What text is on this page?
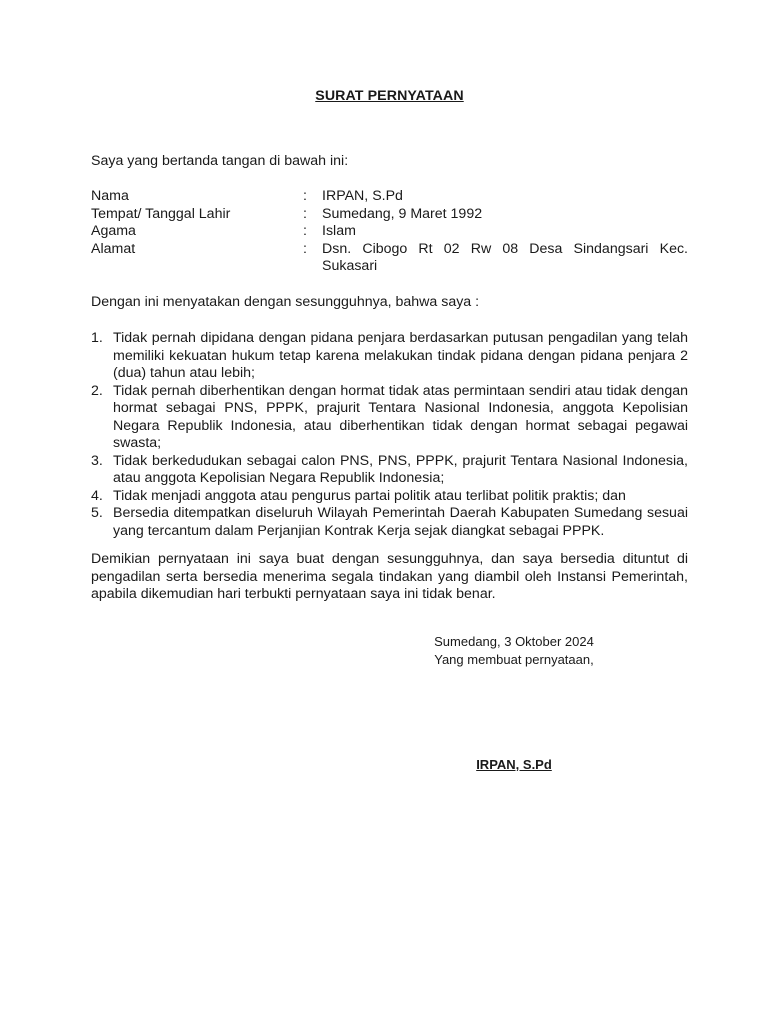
SURAT PERNYATAAN
Saya yang bertanda tangan di bawah ini:
Nama	:	IRPAN, S.Pd
Tempat/ Tanggal Lahir	:	Sumedang, 9 Maret 1992
Agama	:	Islam
Alamat	:	Dsn. Cibogo Rt 02 Rw 08 Desa Sindangsari Kec. Sukasari
Dengan ini menyatakan dengan sesungguhnya, bahwa saya :
1. Tidak pernah dipidana dengan pidana penjara berdasarkan putusan pengadilan yang telah memiliki kekuatan hukum tetap karena melakukan tindak pidana dengan pidana penjara 2 (dua) tahun atau lebih;
2. Tidak pernah diberhentikan dengan hormat tidak atas permintaan sendiri atau tidak dengan hormat sebagai PNS, PPPK, prajurit Tentara Nasional Indonesia, anggota Kepolisian Negara Republik Indonesia, atau diberhentikan tidak dengan hormat sebagai pegawai swasta;
3. Tidak berkedudukan sebagai calon PNS, PNS, PPPK, prajurit Tentara Nasional Indonesia, atau anggota Kepolisian Negara Republik Indonesia;
4. Tidak menjadi anggota atau pengurus partai politik atau terlibat politik praktis; dan
5. Bersedia ditempatkan diseluruh Wilayah Pemerintah Daerah Kabupaten Sumedang sesuai yang tercantum dalam Perjanjian Kontrak Kerja sejak diangkat sebagai PPPK.
Demikian pernyataan ini saya buat dengan sesungguhnya, dan saya bersedia dituntut di pengadilan serta bersedia menerima segala tindakan yang diambil oleh Instansi Pemerintah, apabila dikemudian hari terbukti pernyataan saya ini tidak benar.
Sumedang, 3 Oktober 2024
Yang membuat pernyataan,
IRPAN, S.Pd
